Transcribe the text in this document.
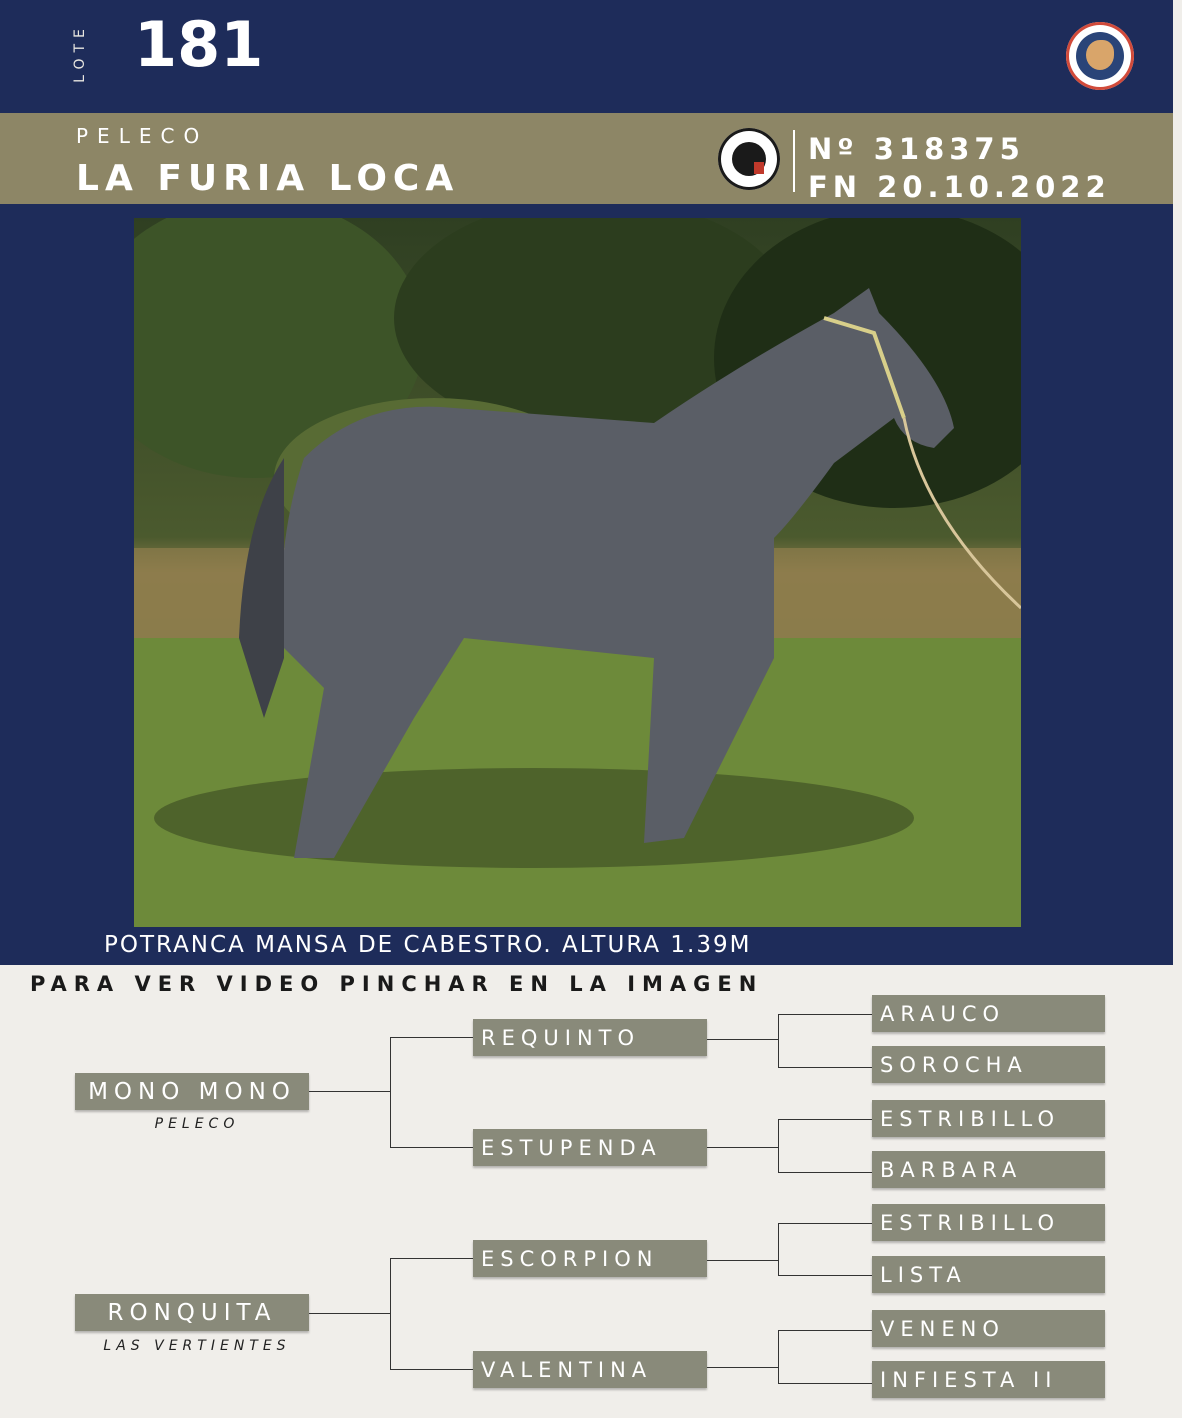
LOTE 181
PELECO
LA FURIA LOCA
Nº 318375
FN 20.10.2022
POTRANCA MANSA DE CABESTRO. ALTURA 1.39M
PARA VER VIDEO PINCHAR EN LA IMAGEN
MONO MONO
PELECO
RONQUITA
LAS VERTIENTES
REQUINTO
ESTUPENDA
ESCORPION
VALENTINA
ARAUCO
SOROCHA
ESTRIBILLO
BARBARA
ESTRIBILLO
LISTA
VENENO
INFIESTA II
